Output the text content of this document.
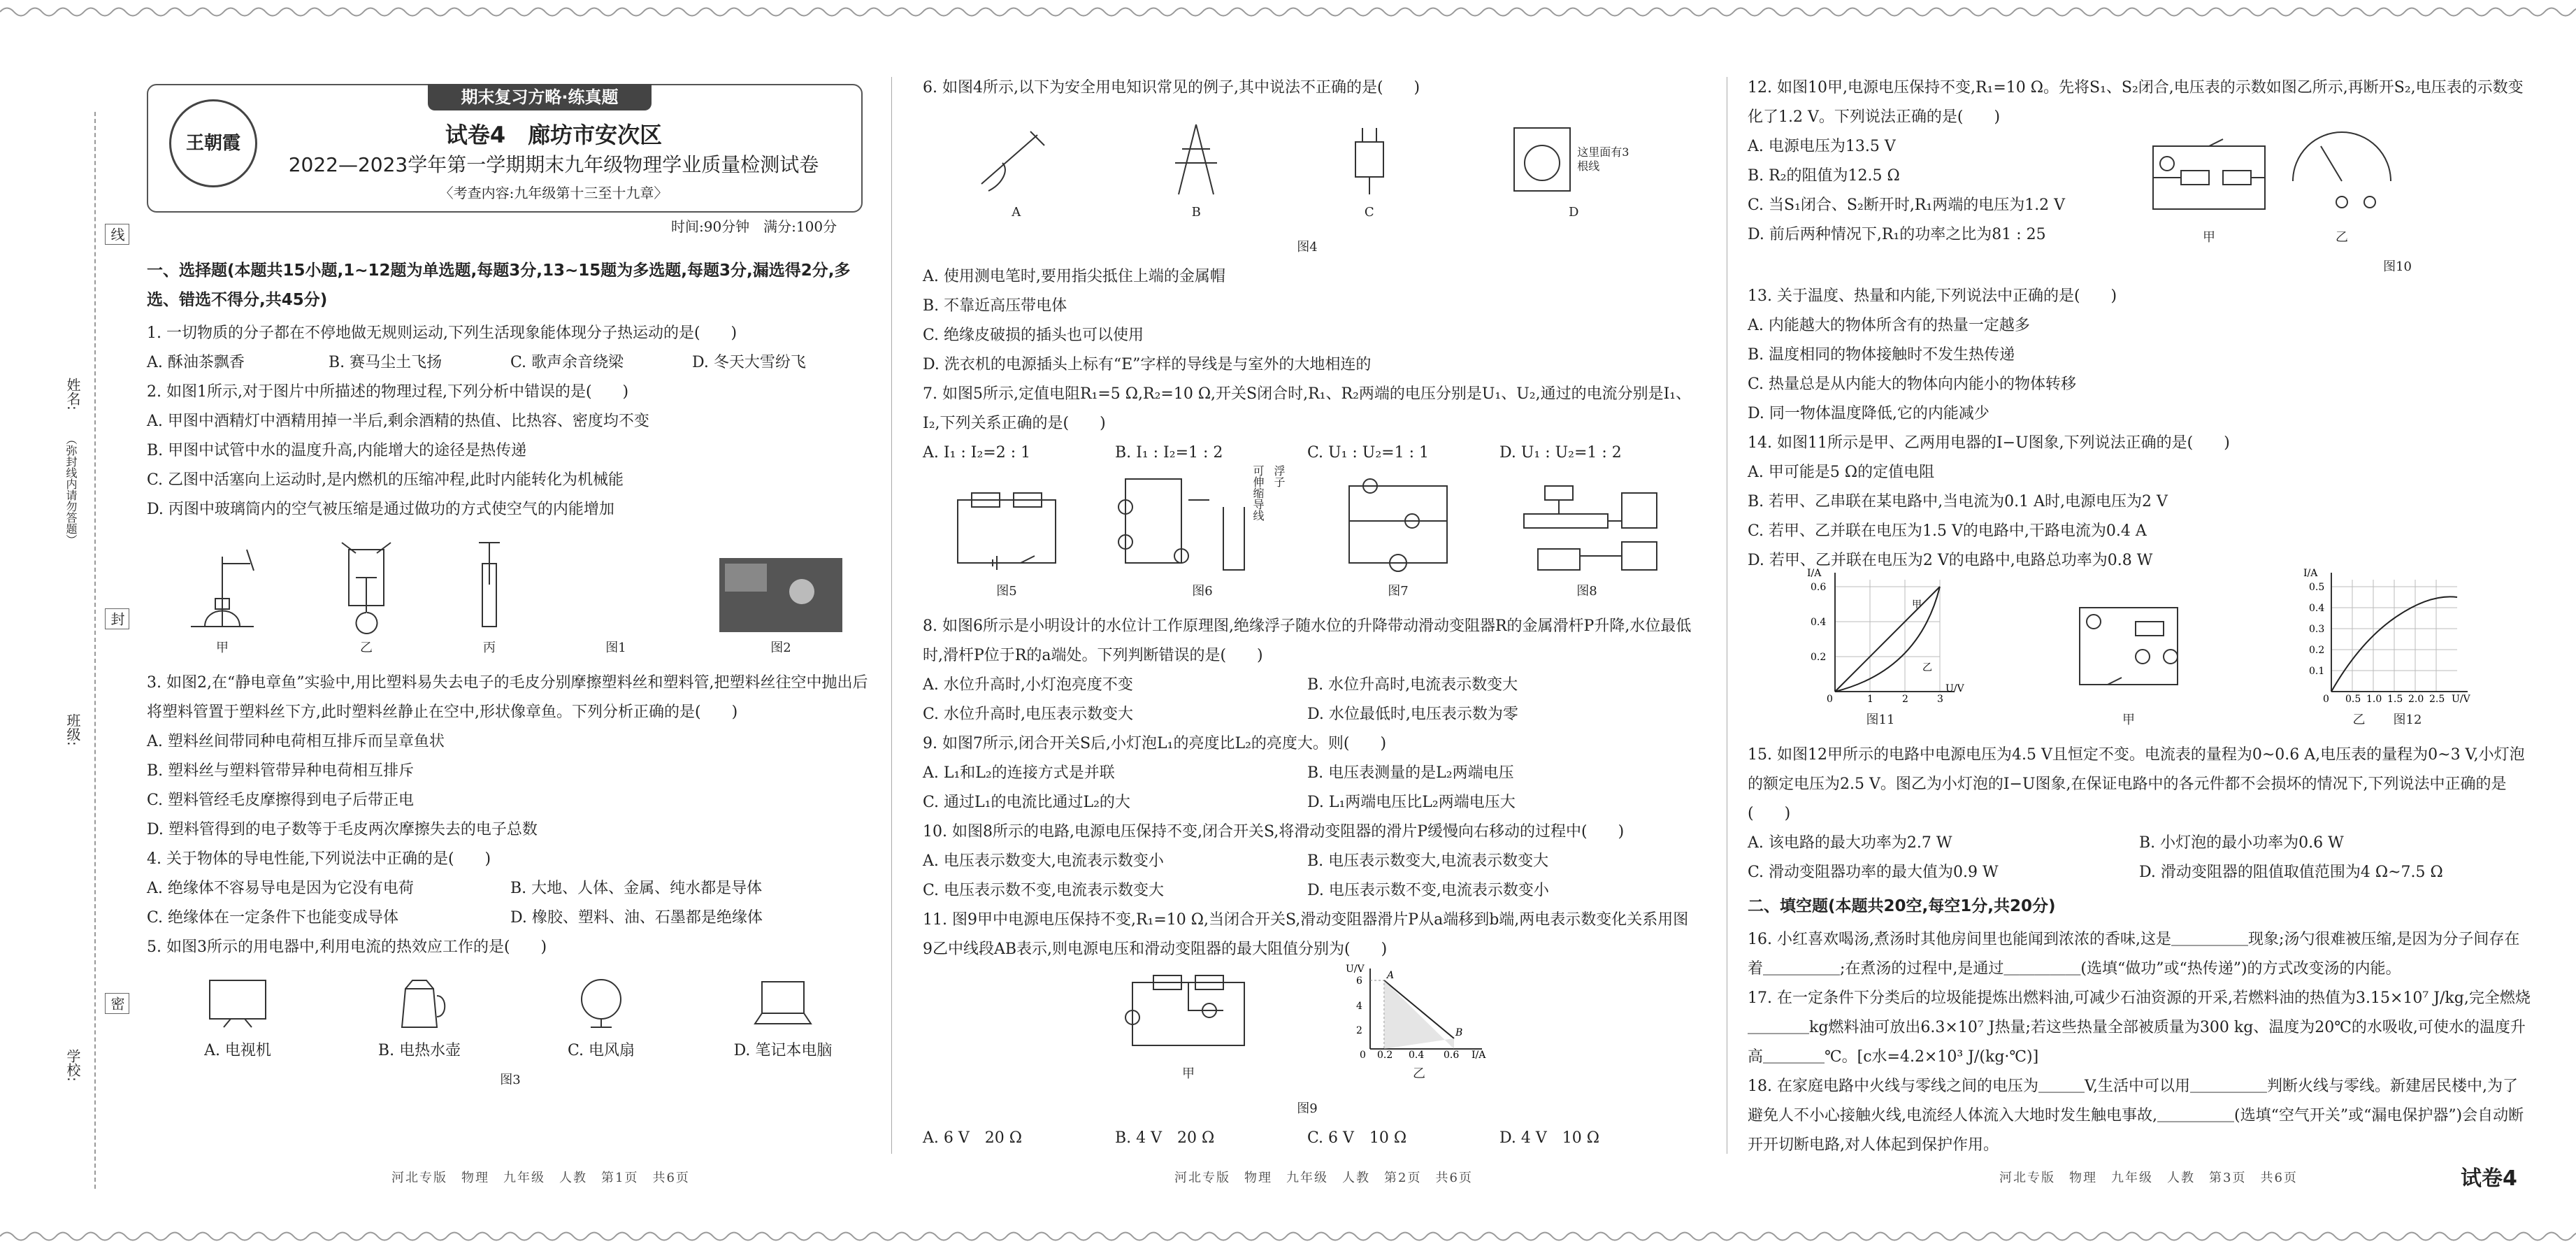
姓名:
（弥封线内请勿答题）
班级:
学校:
线
封
密
期末复习方略·练真题
王朝霞	试卷4　廊坊市安次区
2022—2023学年第一学期期末九年级物理学业质量检测试卷
〈考查内容:九年级第十三至十九章〉
时间:90分钟　满分:100分
一、选择题(本题共15小题,1~12题为单选题,每题3分,13~15题为多选题,每题3分,漏选得2分,多选、错选不得分,共45分)

1. 一切物质的分子都在不停地做无规则运动,下列生活现象能体现分子热运动的是(　　)

A. 酥油茶飘香	B. 赛马尘土飞扬	C. 歌声余音绕梁	D. 冬天大雪纷飞

2. 如图1所示,对于图片中所描述的物理过程,下列分析中错误的是(　　)

A. 甲图中酒精灯中酒精用掉一半后,剩余酒精的热值、比热容、密度均不变
B. 甲图中试管中水的温度升高,内能增大的途径是热传递
C. 乙图中活塞向上运动时,是内燃机的压缩冲程,此时内能转化为机械能
D. 丙图中玻璃筒内的空气被压缩是通过做功的方式使空气的内能增加
甲	乙	丙	图1	图2

3. 如图2,在“静电章鱼”实验中,用比塑料易失去电子的毛皮分别摩擦塑料丝和塑料管,把塑料丝往空中抛出后将塑料管置于塑料丝下方,此时塑料丝静止在空中,形状像章鱼。下列分析正确的是(　　)

A. 塑料丝间带同种电荷相互排斥而呈章鱼状
B. 塑料丝与塑料管带异种电荷相互排斥
C. 塑料管经毛皮摩擦得到电子后带正电
D. 塑料管得到的电子数等于毛皮两次摩擦失去的电子总数

4. 关于物体的导电性能,下列说法中正确的是(　　)

A. 绝缘体不容易导电是因为它没有电荷	B. 大地、人体、金属、纯水都是导体
C. 绝缘体在一定条件下也能变成导体	D. 橡胶、塑料、油、石墨都是绝缘体

5. 如图3所示的用电器中,利用电流的热效应工作的是(　　)

A. 电视机	B. 电热水壶	C. 电风扇	D. 笔记本电脑
图3
河北专版　物理　九年级　人教　第1页　共6页

6. 如图4所示,以下为安全用电知识常见的例子,其中说法不正确的是(　　)

A	B	C
这里面有3根线
D
图4
A. 使用测电笔时,要用指尖抵住上端的金属帽
B. 不靠近高压带电体
C. 绝缘皮破损的插头也可以使用
D. 洗衣机的电源插头上标有“E”字样的导线是与室外的大地相连的

7. 如图5所示,定值电阻R₁=5 Ω,R₂=10 Ω,开关S闭合时,R₁、R₂两端的电压分别是U₁、U₂,通过的电流分别是I₁、I₂,下列关系正确的是(　　)

A. I₁ : I₂=2 : 1	B. I₁ : I₂=1 : 2	C. U₁ : U₂=1 : 1	D. U₁ : U₂=1 : 2
图5
可伸缩导线 浮子
图6	图7	图8

8. 如图6所示是小明设计的水位计工作原理图,绝缘浮子随水位的升降带动滑动变阻器R的金属滑杆P升降,水位最低时,滑杆P位于R的a端处。下列判断错误的是(　　)

A. 水位升高时,小灯泡亮度不变	B. 水位升高时,电流表示数变大
C. 水位升高时,电压表示数变大	D. 水位最低时,电压表示数为零

9. 如图7所示,闭合开关S后,小灯泡L₁的亮度比L₂的亮度大。则(　　)

A. L₁和L₂的连接方式是并联	B. 电压表测量的是L₂两端电压
C. 通过L₁的电流比通过L₂的大	D. L₁两端电压比L₂两端电压大

10. 如图8所示的电路,电源电压保持不变,闭合开关S,将滑动变阻器的滑片P缓慢向右移动的过程中(　　)

A. 电压表示数变大,电流表示数变小	B. 电压表示数变大,电流表示数变大
C. 电压表示数不变,电流表示数变大	D. 电压表示数不变,电流表示数变小

11. 图9甲中电源电压保持不变,R₁=10 Ω,当闭合开关S,滑动变阻器滑片P从a端移到b端,两电表示数变化关系用图9乙中线段AB表示,则电源电压和滑动变阻器的最大阻值分别为(　　)

甲
U/V
6
4
2
0 0.2 0.4 0.6 I/A
A
B
乙
图9
A. 6 V　20 Ω	B. 4 V　20 Ω	C. 6 V　10 Ω	D. 4 V　10 Ω
河北专版　物理　九年级　人教　第2页　共6页

12. 如图10甲,电源电压保持不变,R₁=10 Ω。先将S₁、S₂闭合,电压表的示数如图乙所示,再断开S₂,电压表的示数变化了1.2 V。下列说法正确的是(　　)

A. 电源电压为13.5 V
B. R₂的阻值为12.5 Ω
C. 当S₁闭合、S₂断开时,R₁两端的电压为1.2 V
D. 前后两种情况下,R₁的功率之比为81 : 25	甲	乙
图10

13. 关于温度、热量和内能,下列说法中正确的是(　　)

A. 内能越大的物体所含有的热量一定越多
B. 温度相同的物体接触时不发生热传递
C. 热量总是从内能大的物体向内能小的物体转移
D. 同一物体温度降低,它的内能减少

14. 如图11所示是甲、乙两用电器的I−U图象,下列说法正确的是(　　)

A. 甲可能是5 Ω的定值电阻
B. 若甲、乙串联在某电路中,当电流为0.1 A时,电源电压为2 V
C. 若甲、乙并联在电压为1.5 V的电路中,干路电流为0.4 A
D. 若甲、乙并联在电压为2 V的电路中,电路总功率为0.8 W
I/A
0.6
0.4
0.2
0	1	2	3
U/V
甲
乙
图11	甲
I/A
0.5
0.4
0.3
0.2
0.1
0 0.5 1.0 1.5 2.0 2.5 U/V
乙 图12

15. 如图12甲所示的电路中电源电压为4.5 V且恒定不变。电流表的量程为0~0.6 A,电压表的量程为0~3 V,小灯泡的额定电压为2.5 V。图乙为小灯泡的I−U图象,在保证电路中的各元件都不会损坏的情况下,下列说法中正确的是(　　)

A. 该电路的最大功率为2.7 W	B. 小灯泡的最小功率为0.6 W
C. 滑动变阻器功率的最大值为0.9 W	D. 滑动变阻器的阻值取值范围为4 Ω~7.5 Ω
二、填空题(本题共20空,每空1分,共20分)

16. 小红喜欢喝汤,煮汤时其他房间里也能闻到浓浓的香味,这是＿＿＿＿＿现象;汤勺很难被压缩,是因为分子间存在着＿＿＿＿＿;在煮汤的过程中,是通过＿＿＿＿＿(选填“做功”或“热传递”)的方式改变汤的内能。

17. 在一定条件下分类后的垃圾能提炼出燃料油,可减少石油资源的开采,若燃料油的热值为3.15×10⁷ J/kg,完全燃烧＿＿＿＿kg燃料油可放出6.3×10⁷ J热量;若这些热量全部被质量为300 kg、温度为20℃的水吸收,可使水的温度升高＿＿＿＿℃。[c水=4.2×10³ J/(kg·℃)]

18. 在家庭电路中火线与零线之间的电压为＿＿＿V,生活中可以用＿＿＿＿＿判断火线与零线。新建居民楼中,为了避免人不小心接触火线,电流经人体流入大地时发生触电事故,＿＿＿＿＿(选填“空气开关”或“漏电保护器”)会自动断开开切断电路,对人体起到保护作用。

河北专版　物理　九年级　人教　第3页　共6页	试卷4
